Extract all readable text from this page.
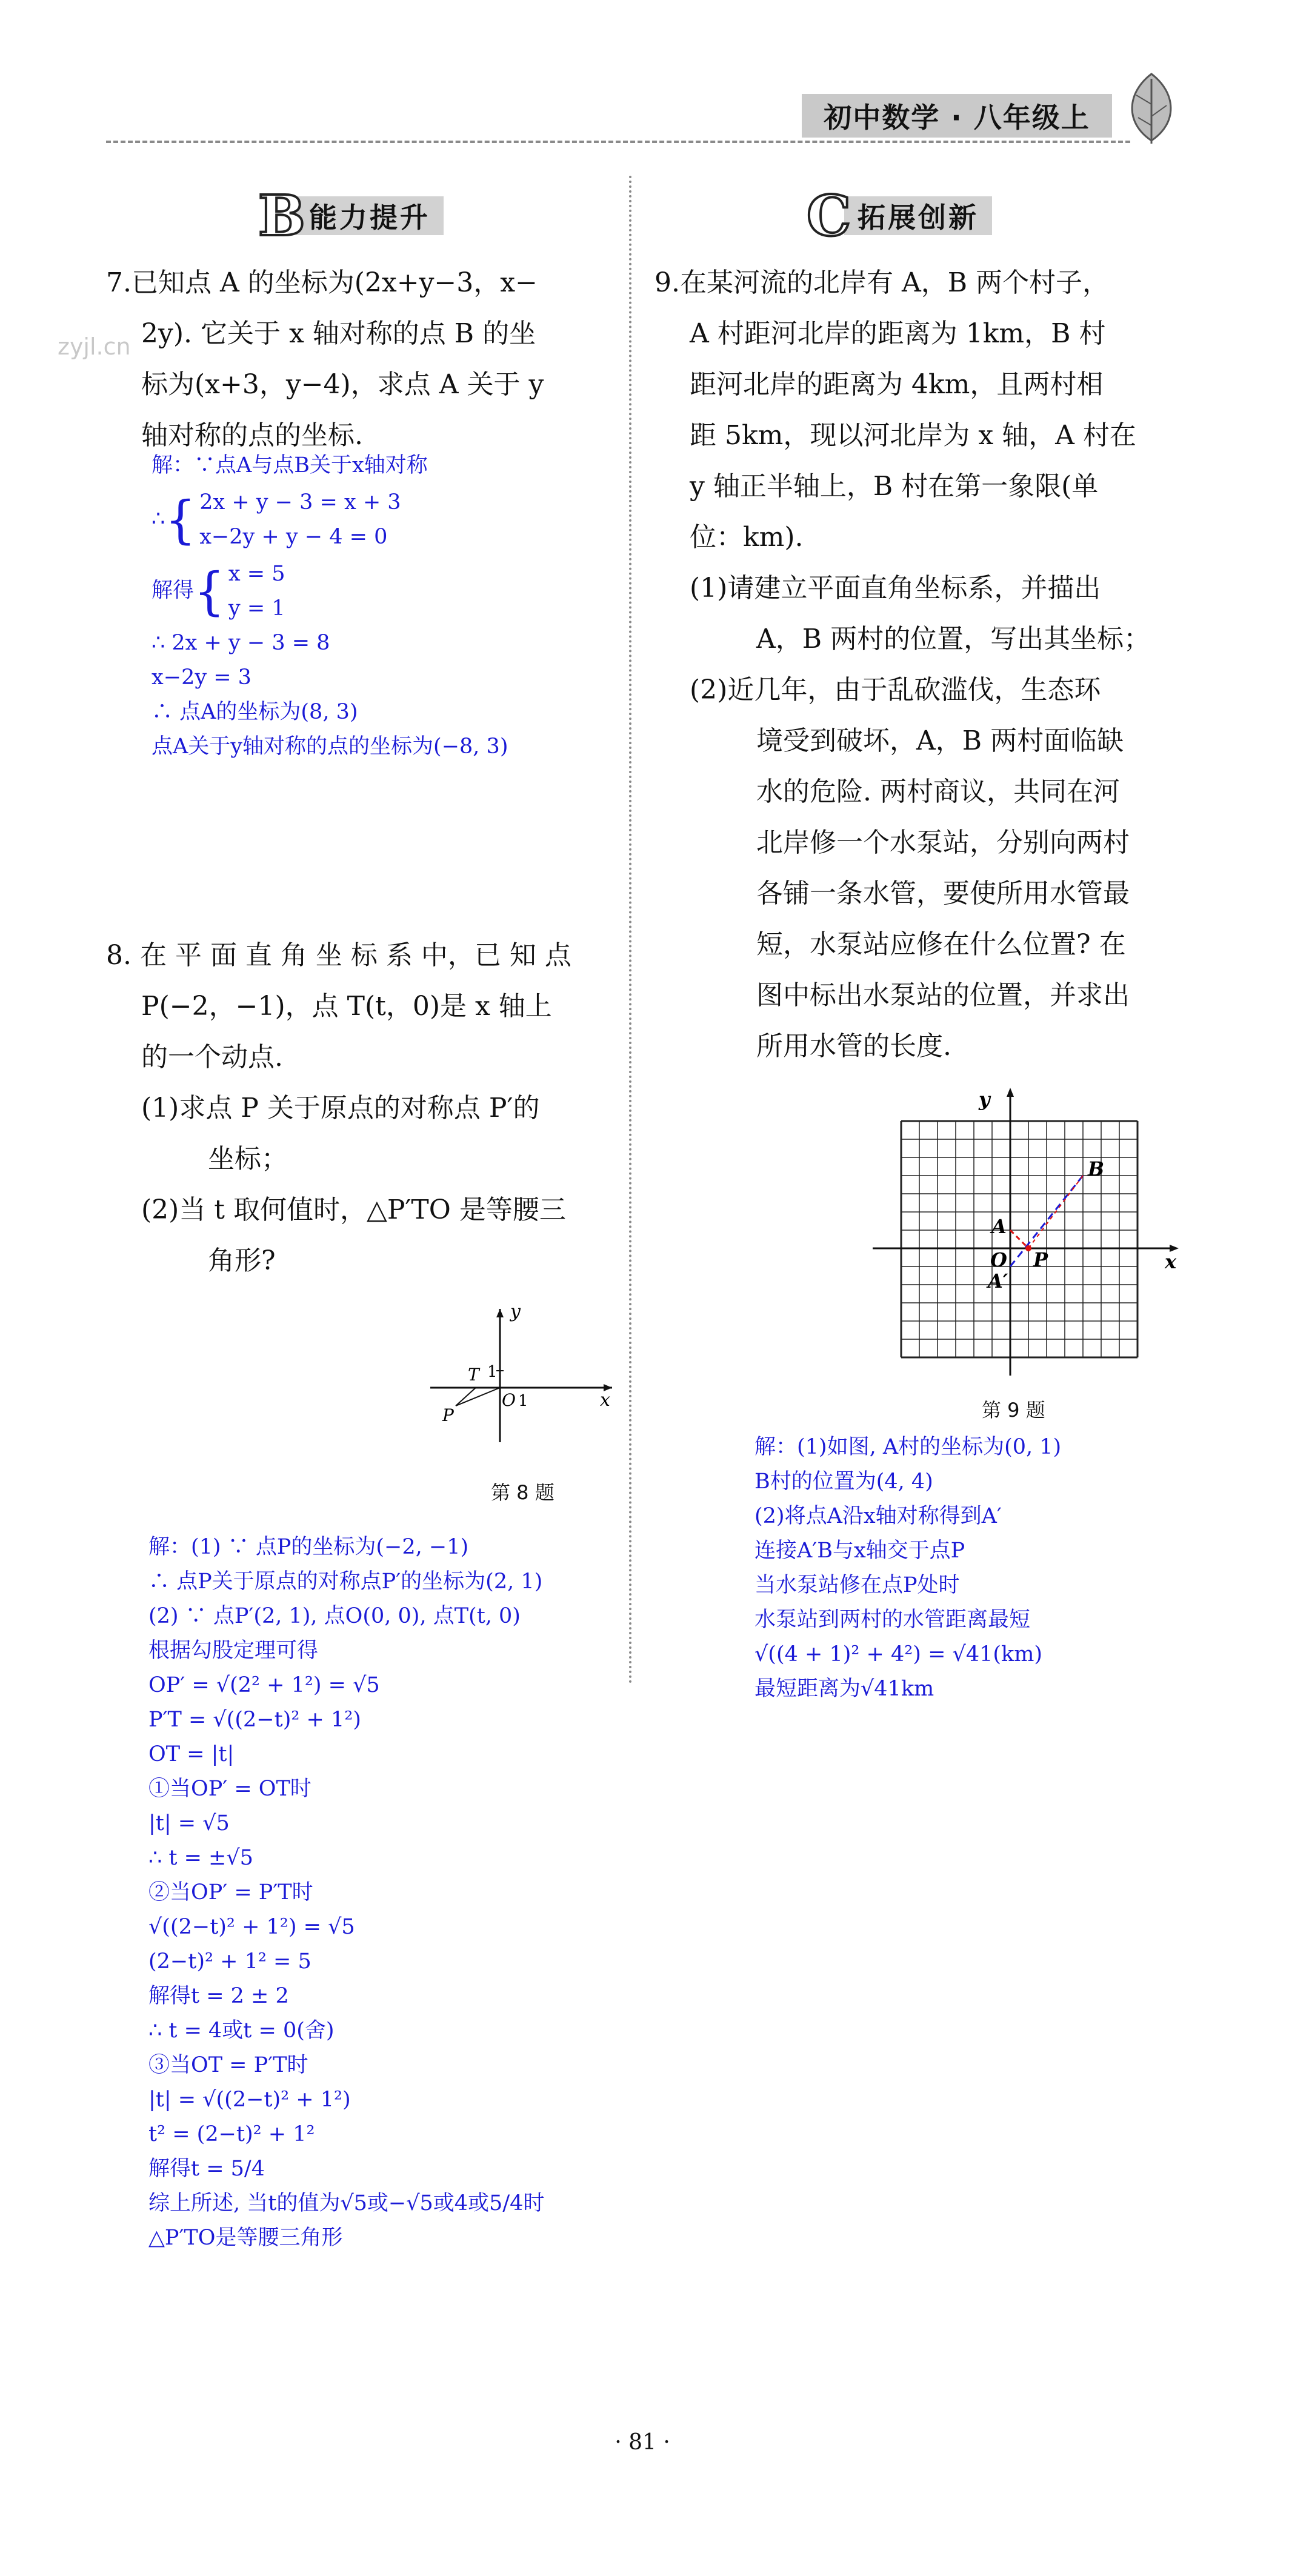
初中数学 · 八年级上
zyjl.cn
B 能力提升	C 拓展创新

7.已知点 A 的坐标为(2x+y−3，x−

2y). 它关于 x 轴对称的点 B 的坐

标为(x+3，y−4)，求点 A 关于 y

轴对称的点的坐标.

解：∵点A与点B关于x轴对称

∴{ 2x + y − 3 = x + 3
x−2y + y − 4 = 0

解得{ x = 5
y = 1

∴ 2x + y − 3 = 8

x−2y = 3

∴ 点A的坐标为(8, 3)

点A关于y轴对称的点的坐标为(−8, 3)

8. 在 平 面 直 角 坐 标 系 中，已 知 点

P(−2，−1)，点 T(t，0)是 x 轴上

的一个动点.

(1)求点 P 关于原点的对称点 P′的

坐标；

(2)当 t 取何值时，△P′TO 是等腰三

角形?

y
x
1
1
O
T
P
第 8 题

解：(1) ∵ 点P的坐标为(−2, −1)

∴ 点P关于原点的对称点P′的坐标为(2, 1)

(2) ∵ 点P′(2, 1), 点O(0, 0), 点T(t, 0)

根据勾股定理可得

OP′ = √(2² + 1²) = √5

P′T = √((2−t)² + 1²)

OT = |t|

①当OP′ = OT时

|t| = √5

∴ t = ±√5

②当OP′ = P′T时

√((2−t)² + 1²) = √5

(2−t)² + 1² = 5

解得t = 2 ± 2

∴ t = 4或t = 0(舍)

③当OT = P′T时

|t| = √((2−t)² + 1²)

t² = (2−t)² + 1²

解得t = 5/4

综上所述, 当t的值为√5或−√5或4或5/4时

△P′TO是等腰三角形

9.在某河流的北岸有 A，B 两个村子，

A 村距河北岸的距离为 1km，B 村

距河北岸的距离为 4km，且两村相

距 5km，现以河北岸为 x 轴，A 村在

y 轴正半轴上，B 村在第一象限(单

位：km).

(1)请建立平面直角坐标系，并描出

A，B 两村的位置，写出其坐标；

(2)近几年，由于乱砍滥伐，生态环

境受到破坏，A，B 两村面临缺

水的危险. 两村商议，共同在河

北岸修一个水泵站，分别向两村

各铺一条水管，要使所用水管最

短，水泵站应修在什么位置? 在

图中标出水泵站的位置，并求出

所用水管的长度.

y
x
O
A
A′
B
P
第 9 题

解：(1)如图, A村的坐标为(0, 1)

B村的位置为(4, 4)

(2)将点A沿x轴对称得到A′

连接A′B与x轴交于点P

当水泵站修在点P处时

水泵站到两村的水管距离最短

√((4 + 1)² + 4²) = √41(km)

最短距离为√41km

· 81 ·
